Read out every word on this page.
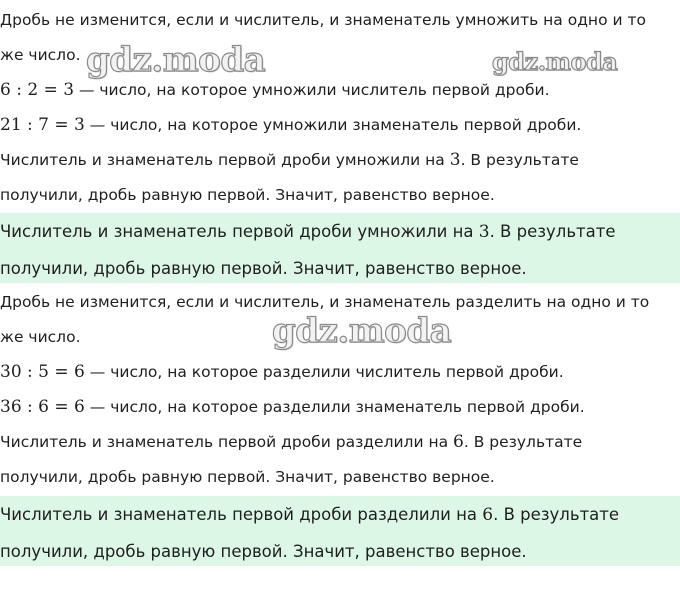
Дробь не изменится, если и числитель, и знаменатель умножить на одно и то
же число.
6 : 2 = 3 — число, на которое умножили числитель первой дроби.
21 : 7 = 3 — число, на которое умножили знаменатель первой дроби.
Числитель и знаменатель первой дроби умножили на 3. В результате
получили, дробь равную первой. Значит, равенство верное.
Числитель и знаменатель первой дроби умножили на 3. В результате
получили, дробь равную первой. Значит, равенство верное.
Дробь не изменится, если и числитель, и знаменатель разделить на одно и то
же число.
30 : 5 = 6 — число, на которое разделили числитель первой дроби.
36 : 6 = 6 — число, на которое разделили знаменатель первой дроби.
Числитель и знаменатель первой дроби разделили на 6. В результате
получили, дробь равную первой. Значит, равенство верное.
Числитель и знаменатель первой дроби разделили на 6. В результате
получили, дробь равную первой. Значит, равенство верное.
gdz.moda	gdz.moda
gdz.moda
